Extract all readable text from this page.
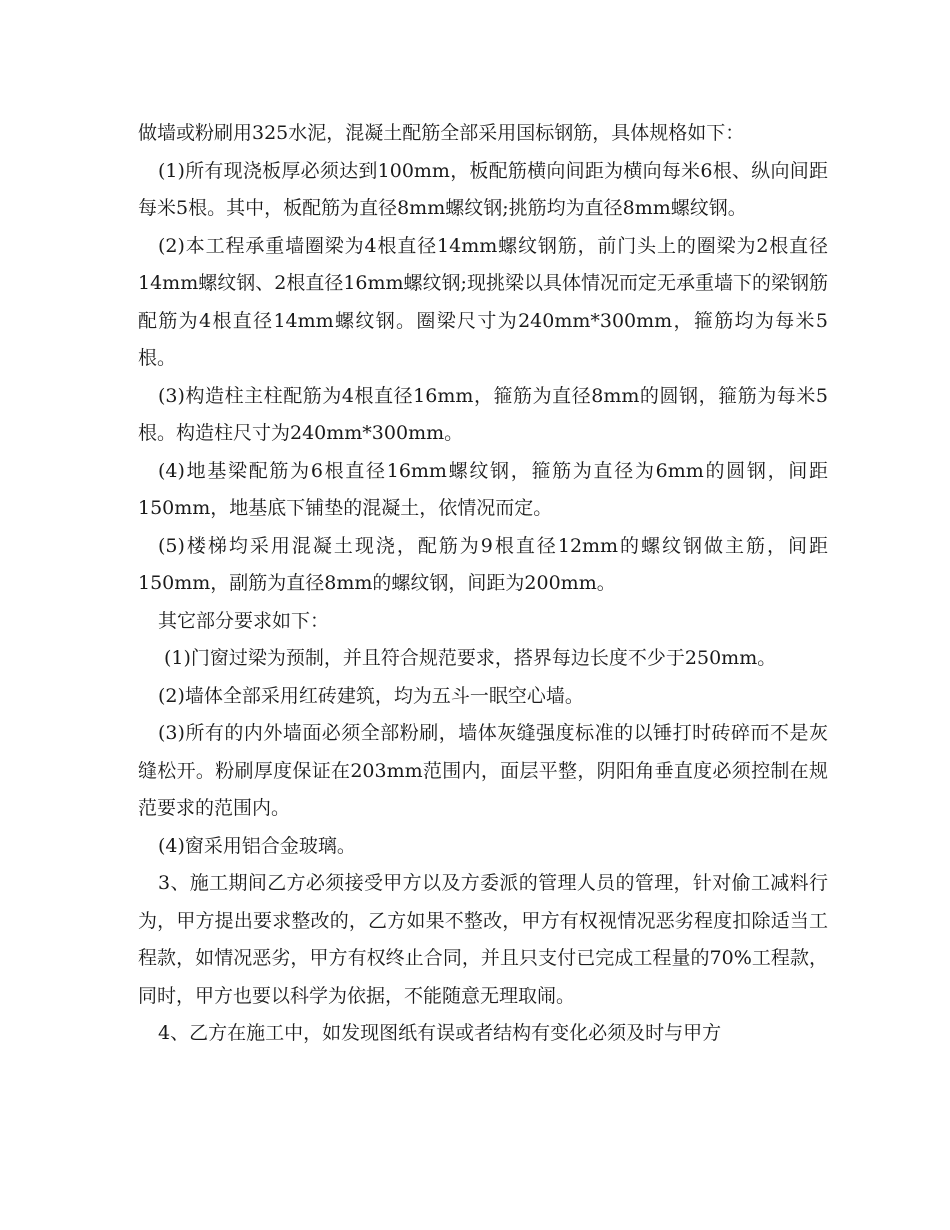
做墙或粉刷用325水泥，混凝土配筋全部采用国标钢筋，具体规格如下：

(1)所有现浇板厚必须达到100mm，板配筋横向间距为横向每米6根、纵向间距每米5根。其中，板配筋为直径8mm螺纹钢;挑筋均为直径8mm螺纹钢。

(2)本工程承重墙圈梁为4根直径14mm螺纹钢筋，前门头上的圈梁为2根直径14mm螺纹钢、2根直径16mm螺纹钢;现挑梁以具体情况而定无承重墙下的梁钢筋配筋为4根直径14mm螺纹钢。圈梁尺寸为240mm*300mm，箍筋均为每米5根。

(3)构造柱主柱配筋为4根直径16mm，箍筋为直径8mm的圆钢，箍筋为每米5根。构造柱尺寸为240mm*300mm。

(4)地基梁配筋为6根直径16mm螺纹钢，箍筋为直径为6mm的圆钢，间距150mm，地基底下铺垫的混凝土，依情况而定。

(5)楼梯均采用混凝土现浇，配筋为9根直径12mm的螺纹钢做主筋，间距150mm，副筋为直径8mm的螺纹钢，间距为200mm。

其它部分要求如下：

(1)门窗过梁为预制，并且符合规范要求，搭界每边长度不少于250mm。

(2)墙体全部采用红砖建筑，均为五斗一眠空心墙。

(3)所有的内外墙面必须全部粉刷，墙体灰缝强度标准的以锤打时砖碎而不是灰缝松开。粉刷厚度保证在203mm范围内，面层平整，阴阳角垂直度必须控制在规范要求的范围内。

(4)窗采用铝合金玻璃。

3、施工期间乙方必须接受甲方以及方委派的管理人员的管理，针对偷工减料行为，甲方提出要求整改的，乙方如果不整改，甲方有权视情况恶劣程度扣除适当工程款，如情况恶劣，甲方有权终止合同，并且只支付已完成工程量的70%工程款，同时，甲方也要以科学为依据，不能随意无理取闹。

4、乙方在施工中，如发现图纸有误或者结构有变化必须及时与甲方
